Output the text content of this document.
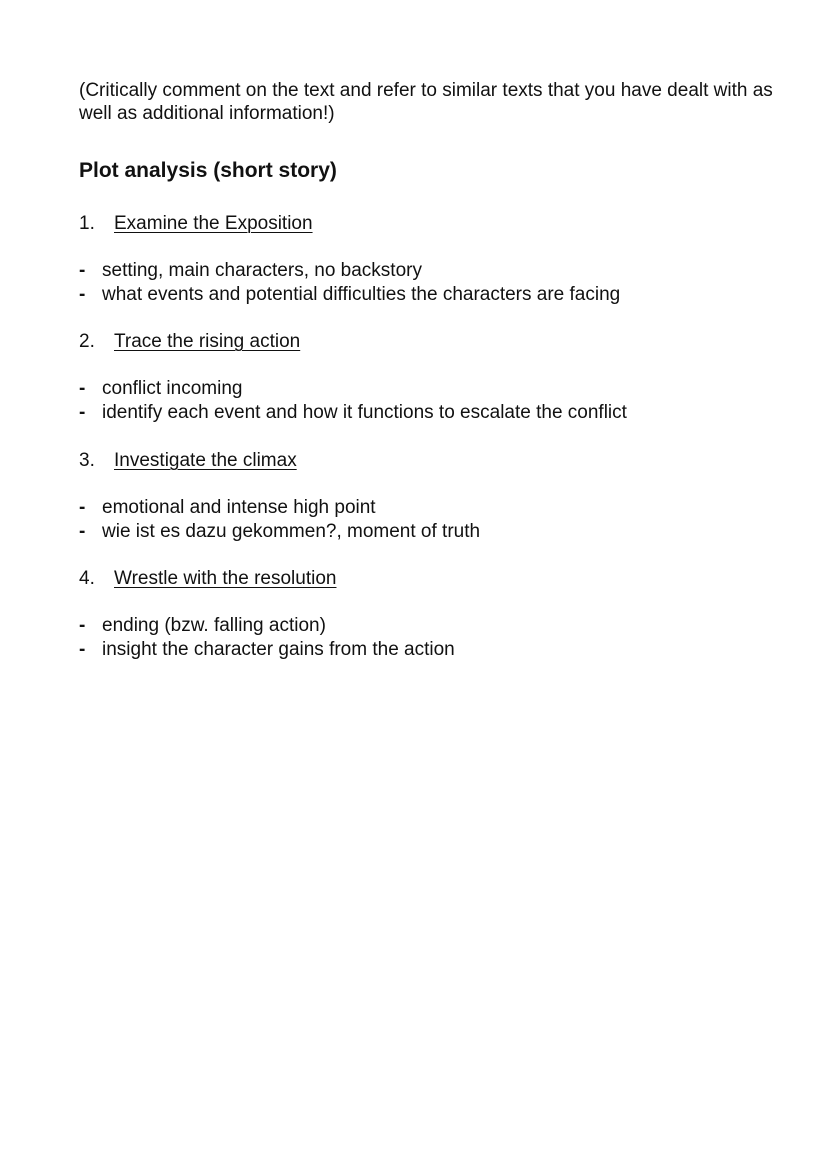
(Critically comment on the text and refer to similar texts that you have dealt with as well as additional information!)

Plot analysis (short story)
1.	Examine the Exposition
- setting, main characters, no backstory
- what events and potential difficulties the characters are facing
2.	Trace the rising action
- conflict incoming
- identify each event and how it functions to escalate the conflict
3.	Investigate the climax
- emotional and intense high point
- wie ist es dazu gekommen?, moment of truth
4.	Wrestle with the resolution
- ending (bzw. falling action)
- insight the character gains from the action
